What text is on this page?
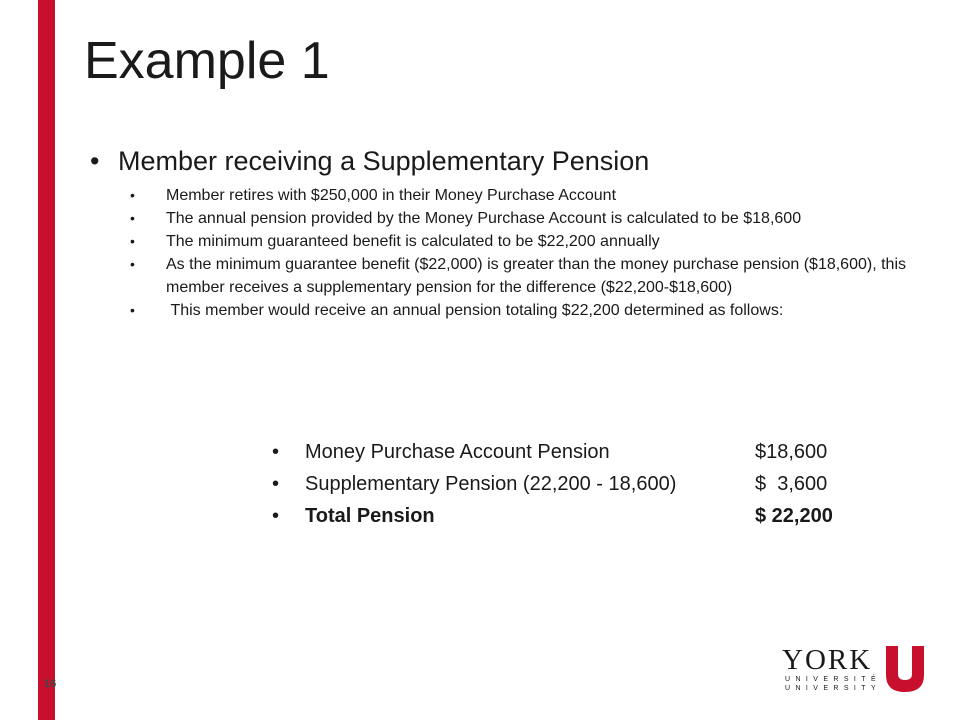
Example 1
• Member receiving a Supplementary Pension
• Member retires with $250,000 in their Money Purchase Account
• The annual pension provided by the Money Purchase Account is calculated to be $18,600
• The minimum guaranteed benefit is calculated to be $22,200 annually
• As the minimum guarantee benefit ($22,000) is greater than the money purchase pension ($18,600), this member receives a supplementary pension for the difference ($22,200-$18,600)
• This member would receive an annual pension totaling $22,200 determined as follows:
• Money Purchase Account Pension	$18,600
• Supplementary Pension (22,200 - 18,600)	$  3,600
• Total Pension	$ 22,200
16
YORK
UNIVERSITÉ
UNIVERSITY
